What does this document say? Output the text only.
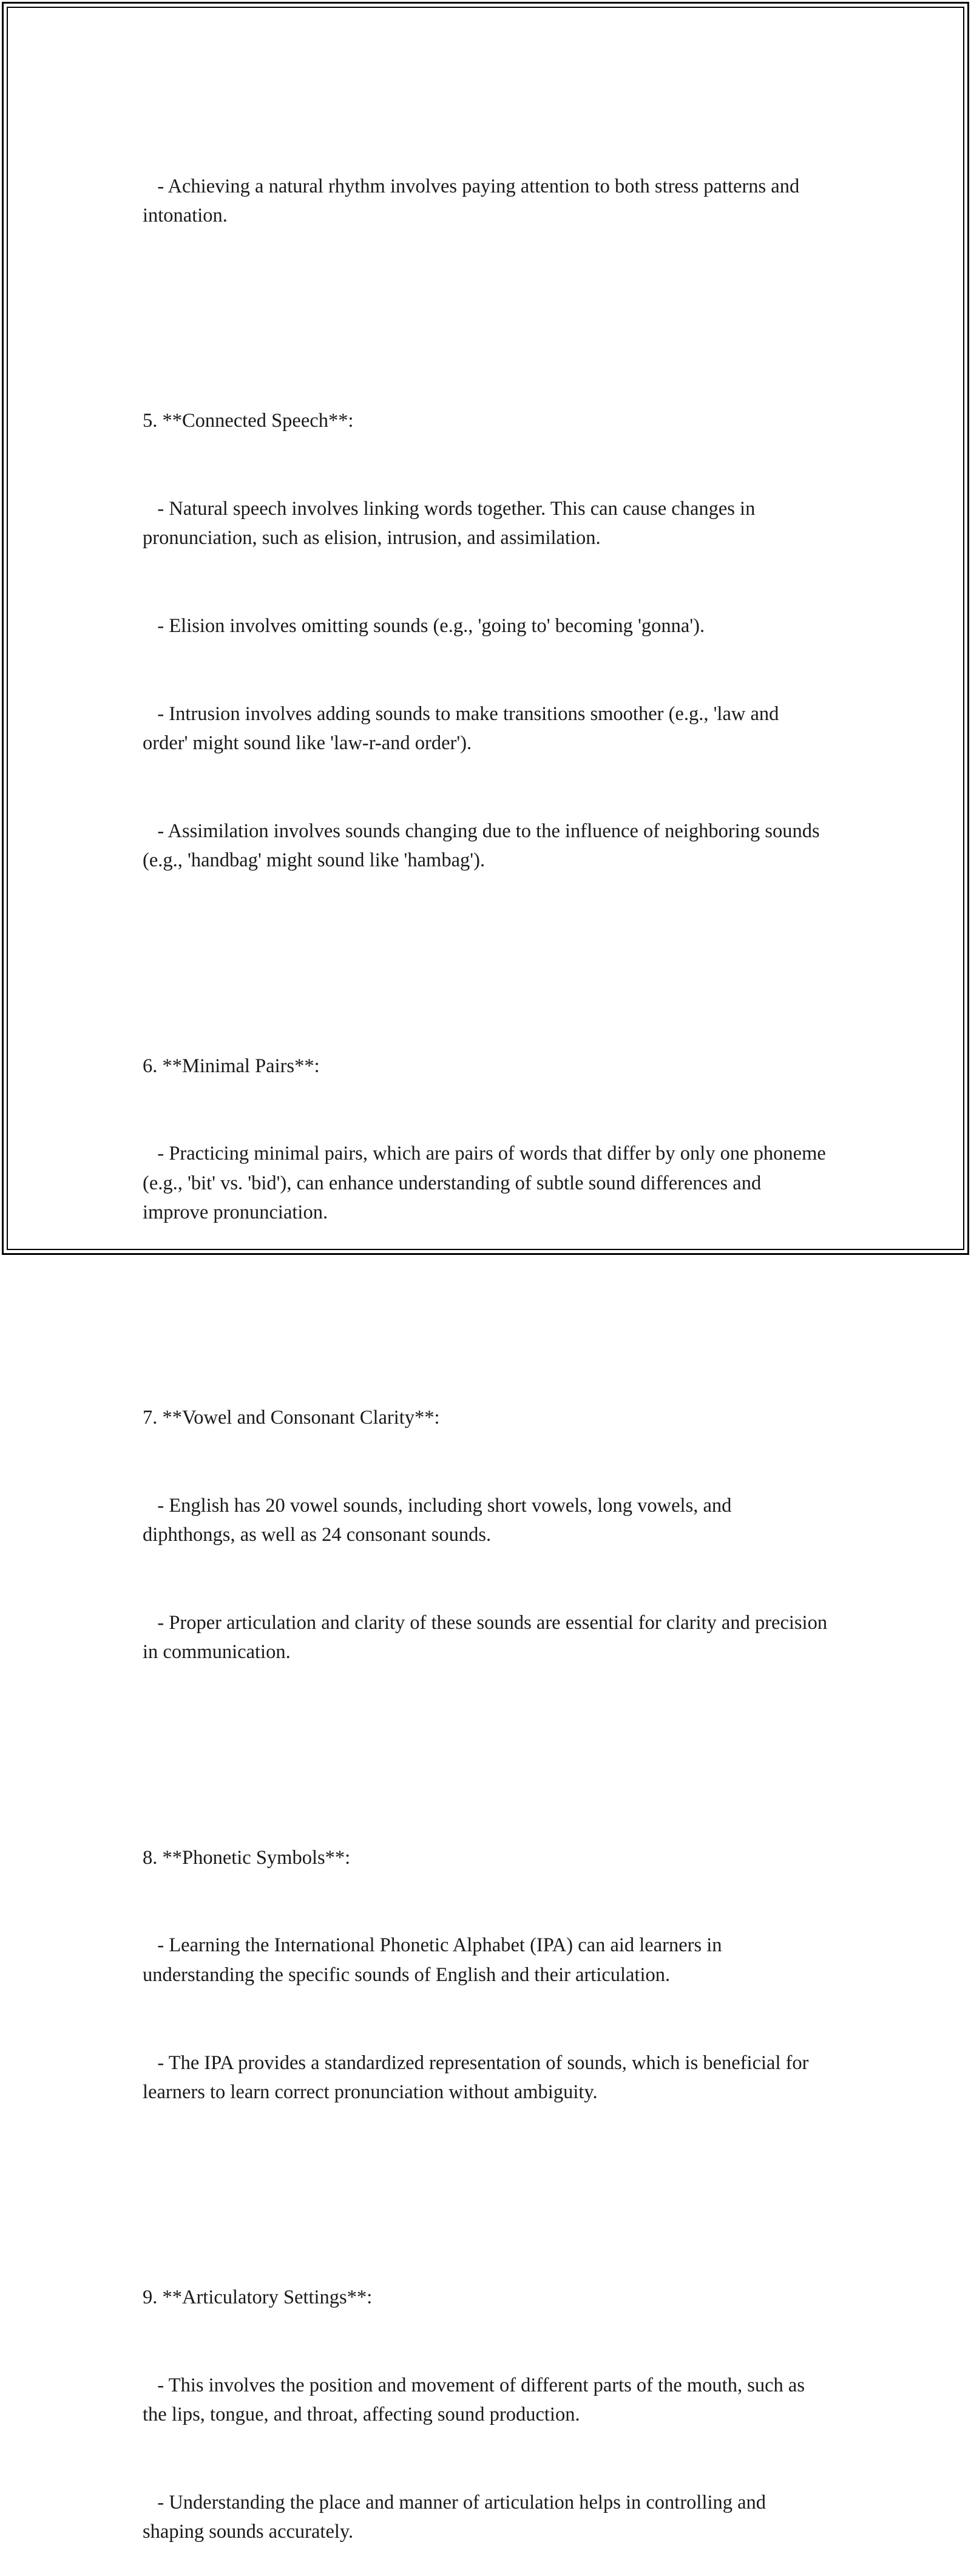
- Achieving a natural rhythm involves paying attention to both stress patterns and intonation.

5. **Connected Speech**:

- Natural speech involves linking words together. This can cause changes in pronunciation, such as elision, intrusion, and assimilation.

- Elision involves omitting sounds (e.g., 'going to' becoming 'gonna').

- Intrusion involves adding sounds to make transitions smoother (e.g., 'law and order' might sound like 'law-r-and order').

- Assimilation involves sounds changing due to the influence of neighboring sounds (e.g., 'handbag' might sound like 'hambag').

6. **Minimal Pairs**:

- Practicing minimal pairs, which are pairs of words that differ by only one phoneme (e.g., 'bit' vs. 'bid'), can enhance understanding of subtle sound differences and improve pronunciation.

7. **Vowel and Consonant Clarity**:

- English has 20 vowel sounds, including short vowels, long vowels, and diphthongs, as well as 24 consonant sounds.

- Proper articulation and clarity of these sounds are essential for clarity and precision in communication.

8. **Phonetic Symbols**:

- Learning the International Phonetic Alphabet (IPA) can aid learners in understanding the specific sounds of English and their articulation.

- The IPA provides a standardized representation of sounds, which is beneficial for learners to learn correct pronunciation without ambiguity.

9. **Articulatory Settings**:

- This involves the position and movement of different parts of the mouth, such as the lips, tongue, and throat, affecting sound production.

- Understanding the place and manner of articulation helps in controlling and shaping sounds accurately.
